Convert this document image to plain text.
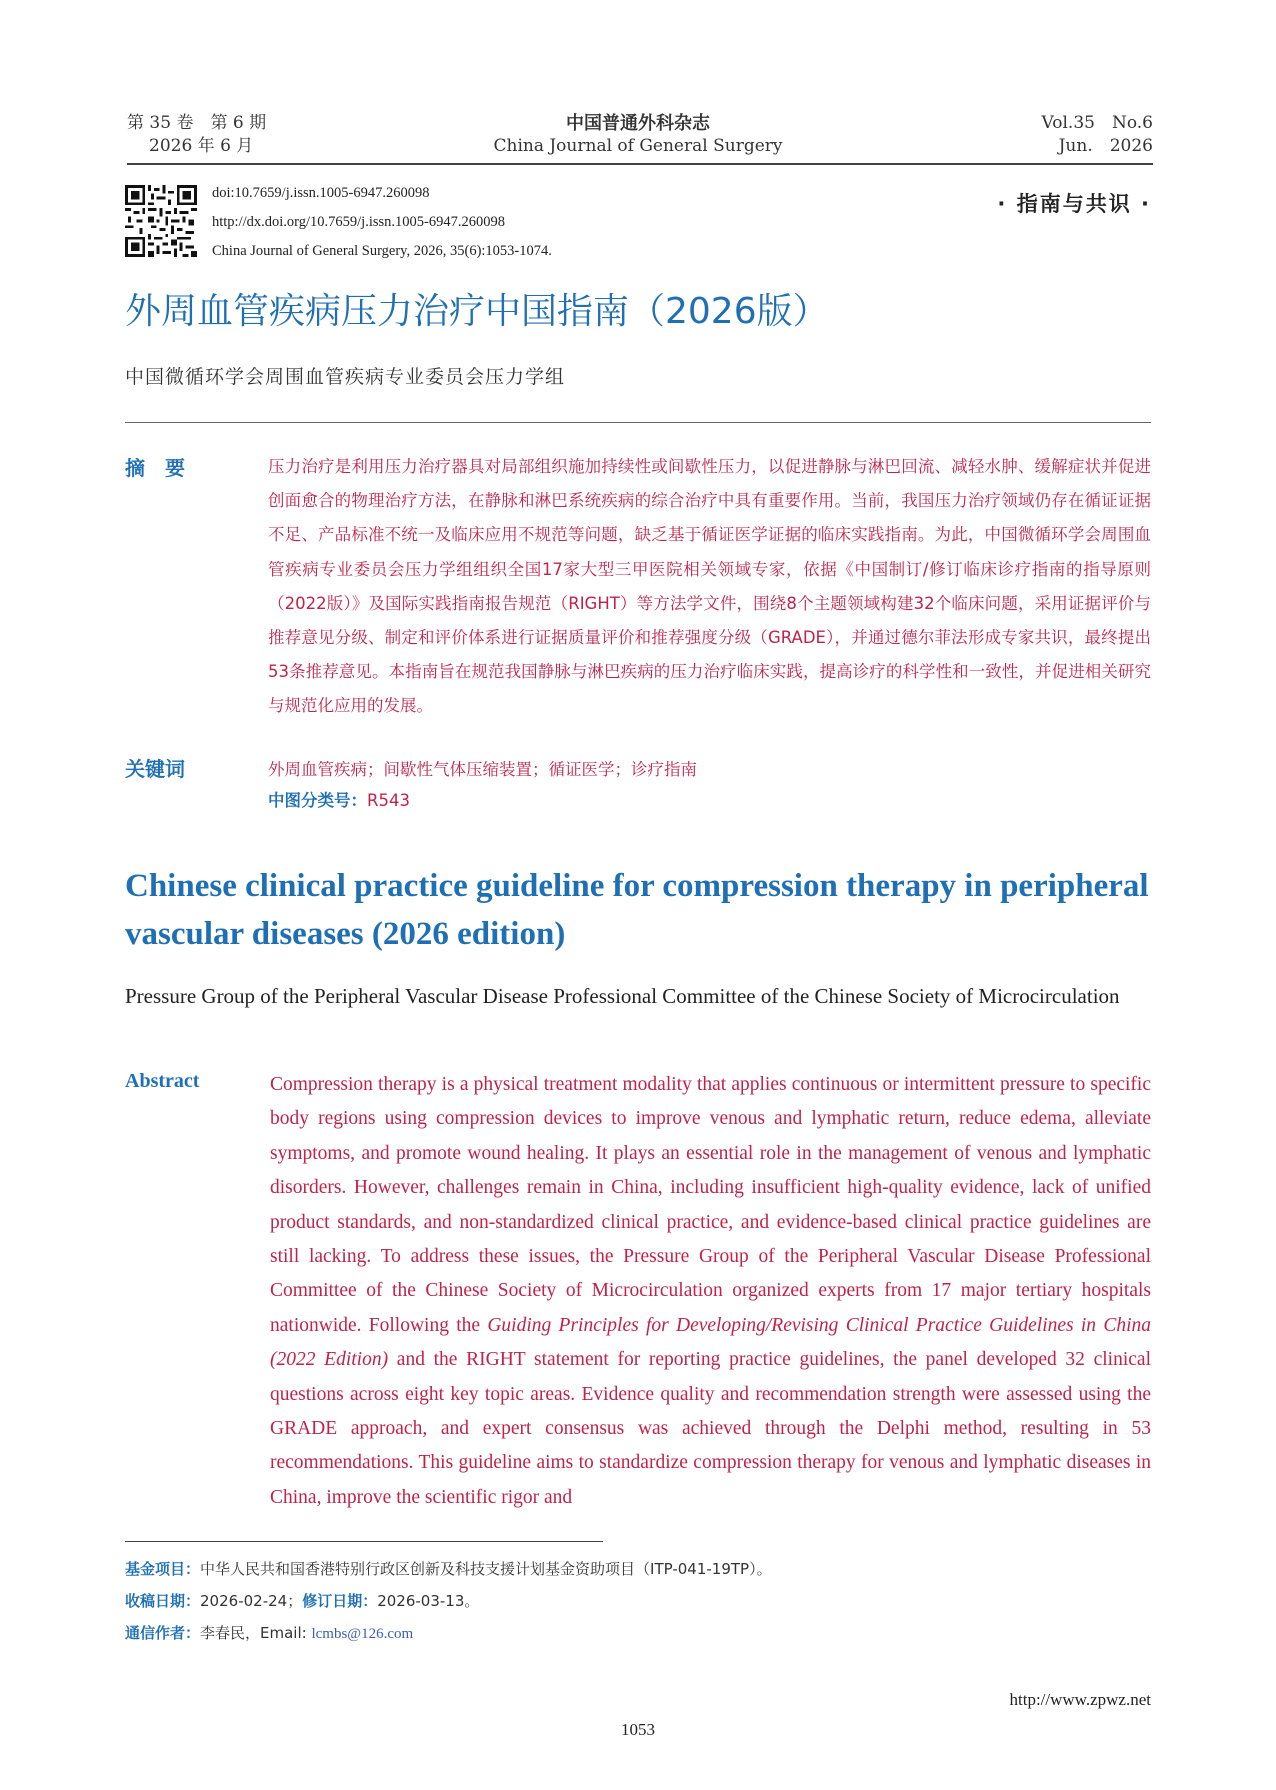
第 35 卷　第 6 期
2026 年 6 月
中国普通外科杂志
China Journal of General Surgery
Vol.35　No.6
Jun.　2026
doi:10.7659/j.issn.1005-6947.260098
http://dx.doi.org/10.7659/j.issn.1005-6947.260098
China Journal of General Surgery, 2026, 35(6):1053-1074.
· 指南与共识 ·
外周血管疾病压力治疗中国指南（2026版）
中国微循环学会周围血管疾病专业委员会压力学组
摘　要	压力治疗是利用压力治疗器具对局部组织施加持续性或间歇性压力，以促进静脉与淋巴回流、减轻水肿、缓解症状并促进创面愈合的物理治疗方法，在静脉和淋巴系统疾病的综合治疗中具有重要作用。当前，我国压力治疗领域仍存在循证证据不足、产品标准不统一及临床应用不规范等问题，缺乏基于循证医学证据的临床实践指南。为此，中国微循环学会周围血管疾病专业委员会压力学组组织全国17家大型三甲医院相关领域专家，依据《中国制订/修订临床诊疗指南的指导原则（2022版）》及国际实践指南报告规范（RIGHT）等方法学文件，围绕8个主题领域构建32个临床问题，采用证据评价与推荐意见分级、制定和评价体系进行证据质量评价和推荐强度分级（GRADE），并通过德尔菲法形成专家共识，最终提出53条推荐意见。本指南旨在规范我国静脉与淋巴疾病的压力治疗临床实践，提高诊疗的科学性和一致性，并促进相关研究与规范化应用的发展。
关键词	外周血管疾病；间歇性气体压缩装置；循证医学；诊疗指南
中图分类号：R543
Chinese clinical practice guideline for compression therapy in peripheral vascular diseases (2026 edition)
Pressure Group of the Peripheral Vascular Disease Professional Committee of the Chinese Society of Microcirculation
Abstract	Compression therapy is a physical treatment modality that applies continuous or intermittent pressure to specific body regions using compression devices to improve venous and lymphatic return, reduce edema, alleviate symptoms, and promote wound healing. It plays an essential role in the management of venous and lymphatic disorders. However, challenges remain in China, including insufficient high-quality evidence, lack of unified product standards, and non-standardized clinical practice, and evidence-based clinical practice guidelines are still lacking. To address these issues, the Pressure Group of the Peripheral Vascular Disease Professional Committee of the Chinese Society of Microcirculation organized experts from 17 major tertiary hospitals nationwide. Following the Guiding Principles for Developing/Revising Clinical Practice Guidelines in China (2022 Edition) and the RIGHT statement for reporting practice guidelines, the panel developed 32 clinical questions across eight key topic areas. Evidence quality and recommendation strength were assessed using the GRADE approach, and expert consensus was achieved through the Delphi method, resulting in 53 recommendations. This guideline aims to standardize compression therapy for venous and lymphatic diseases in China, improve the scientific rigor and
基金项目：中华人民共和国香港特别行政区创新及科技支援计划基金资助项目（ITP-041-19TP）。
收稿日期：2026-02-24；修订日期：2026-03-13。
通信作者：李春民，Email: lcmbs@126.com
http://www.zpwz.net
1053
